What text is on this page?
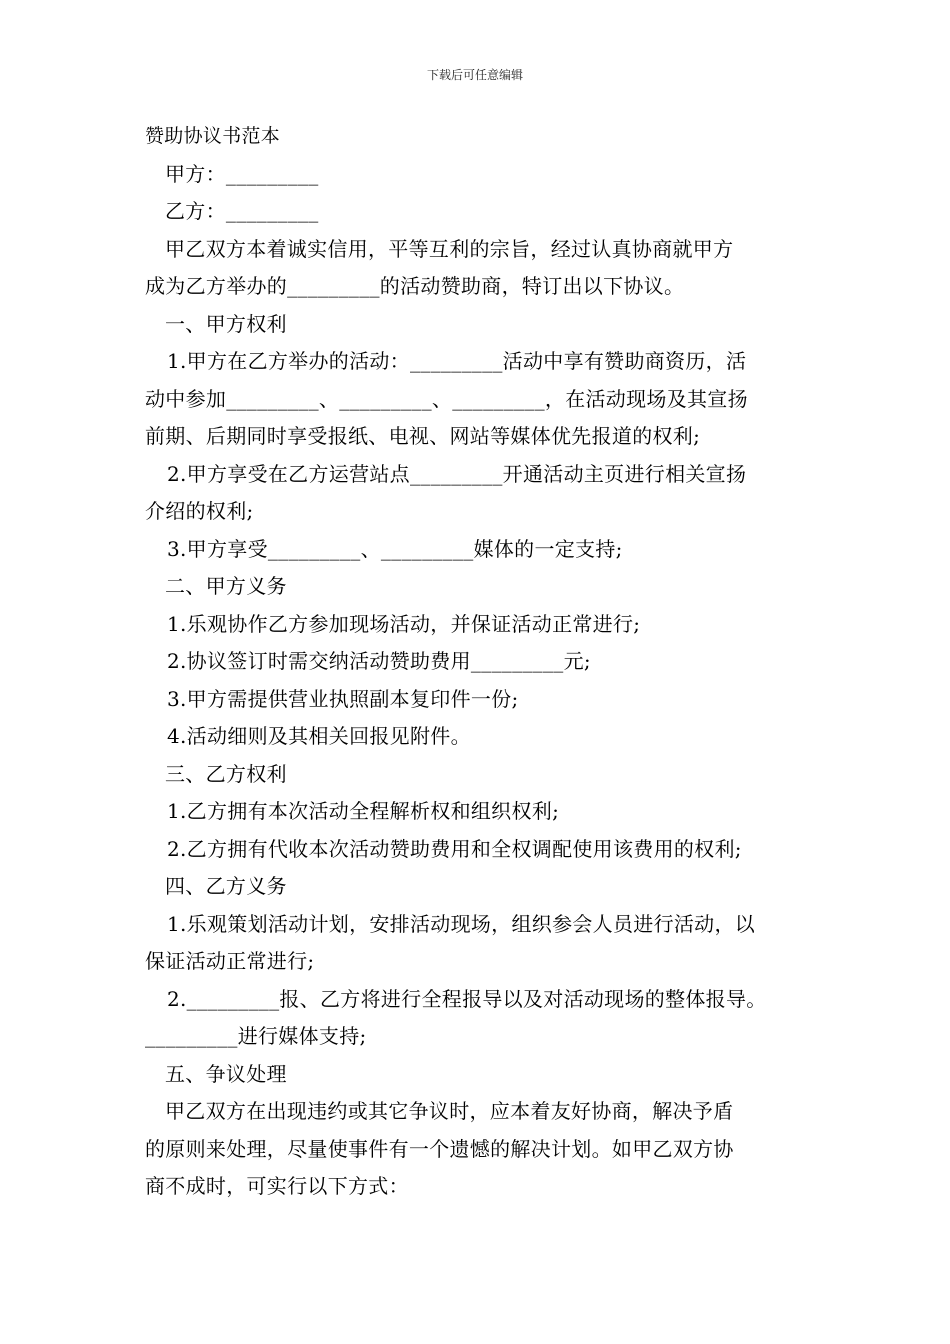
下载后可任意编辑
赞助协议书范本
甲方：_________
乙方：_________
甲乙双方本着诚实信用，平等互利的宗旨，经过认真协商就甲方
成为乙方举办的_________的活动赞助商，特订出以下协议。
一、甲方权利
1.甲方在乙方举办的活动：_________活动中享有赞助商资历，活
动中参加_________、_________、_________，在活动现场及其宣扬
前期、后期同时享受报纸、电视、网站等媒体优先报道的权利;
2.甲方享受在乙方运营站点_________开通活动主页进行相关宣扬
介绍的权利;
3.甲方享受_________、_________媒体的一定支持;
二、甲方义务
1.乐观协作乙方参加现场活动，并保证活动正常进行;
2.协议签订时需交纳活动赞助费用_________元;
3.甲方需提供营业执照副本复印件一份;
4.活动细则及其相关回报见附件。
三、乙方权利
1.乙方拥有本次活动全程解析权和组织权利;
2.乙方拥有代收本次活动赞助费用和全权调配使用该费用的权利;
四、乙方义务
1.乐观策划活动计划，安排活动现场，组织参会人员进行活动，以
保证活动正常进行;
2._________报、乙方将进行全程报导以及对活动现场的整体报导。
_________进行媒体支持;
五、争议处理
甲乙双方在出现违约或其它争议时，应本着友好协商，解决予盾
的原则来处理，尽量使事件有一个遗憾的解决计划。如甲乙双方协
商不成时，可实行以下方式：
